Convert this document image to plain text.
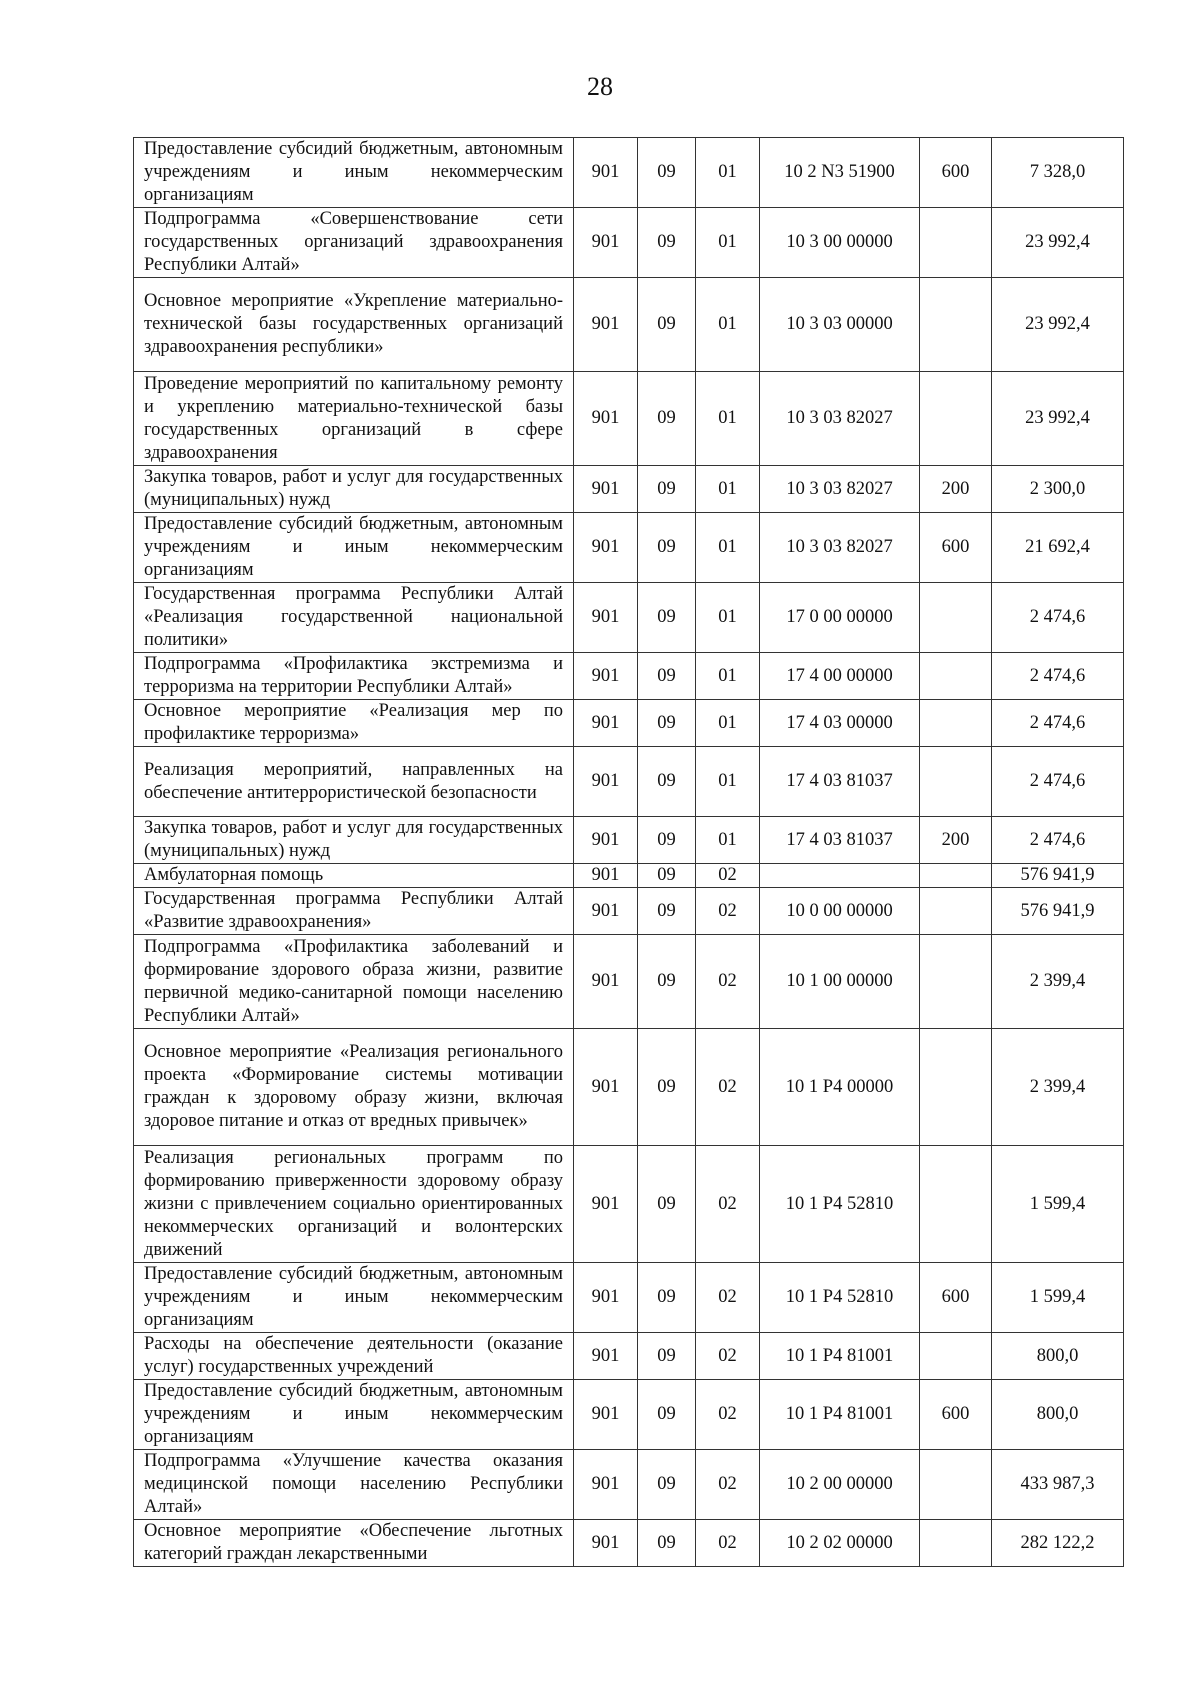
28
Предоставление субсидий бюджетным, автономным учреждениям и иным некоммерческим организациям	901	09	01	10 2 N3 51900	600	7 328,0
Подпрограмма «Совершенствование сети государственных организаций здравоохранения Республики Алтай»	901	09	01	10 3 00 00000		23 992,4
Основное мероприятие «Укрепление материально-технической базы государственных организаций здравоохранения республики»	901	09	01	10 3 03 00000		23 992,4
Проведение мероприятий по капитальному ремонту и укреплению материально-технической базы государственных организаций в сфере здравоохранения	901	09	01	10 3 03 82027		23 992,4
Закупка товаров, работ и услуг для государственных (муниципальных) нужд	901	09	01	10 3 03 82027	200	2 300,0
Предоставление субсидий бюджетным, автономным учреждениям и иным некоммерческим организациям	901	09	01	10 3 03 82027	600	21 692,4
Государственная программа Республики Алтай «Реализация государственной национальной политики»	901	09	01	17 0 00 00000		2 474,6
Подпрограмма «Профилактика экстремизма и терроризма на территории Республики Алтай»	901	09	01	17 4 00 00000		2 474,6
Основное мероприятие «Реализация мер по профилактике терроризма»	901	09	01	17 4 03 00000		2 474,6
Реализация мероприятий, направленных на обеспечение антитеррористической безопасности	901	09	01	17 4 03 81037		2 474,6
Закупка товаров, работ и услуг для государственных (муниципальных) нужд	901	09	01	17 4 03 81037	200	2 474,6
Амбулаторная помощь	901	09	02			576 941,9
Государственная программа Республики Алтай «Развитие здравоохранения»	901	09	02	10 0 00 00000		576 941,9
Подпрограмма «Профилактика заболеваний и формирование здорового образа жизни, развитие первичной медико-санитарной помощи населению Республики Алтай»	901	09	02	10 1 00 00000		2 399,4
Основное мероприятие «Реализация регионального проекта «Формирование системы мотивации граждан к здоровому образу жизни, включая здоровое питание и отказ от вредных привычек»	901	09	02	10 1 P4 00000		2 399,4
Реализация региональных программ по формированию приверженности здоровому образу жизни с привлечением социально ориентированных некоммерческих организаций и волонтерских движений	901	09	02	10 1 P4 52810		1 599,4
Предоставление субсидий бюджетным, автономным учреждениям и иным некоммерческим организациям	901	09	02	10 1 P4 52810	600	1 599,4
Расходы на обеспечение деятельности (оказание услуг) государственных учреждений	901	09	02	10 1 P4 81001		800,0
Предоставление субсидий бюджетным, автономным учреждениям и иным некоммерческим организациям	901	09	02	10 1 P4 81001	600	800,0
Подпрограмма «Улучшение качества оказания медицинской помощи населению Республики Алтай»	901	09	02	10 2 00 00000		433 987,3
Основное мероприятие «Обеспечение льготных категорий граждан лекарственными	901	09	02	10 2 02 00000		282 122,2
